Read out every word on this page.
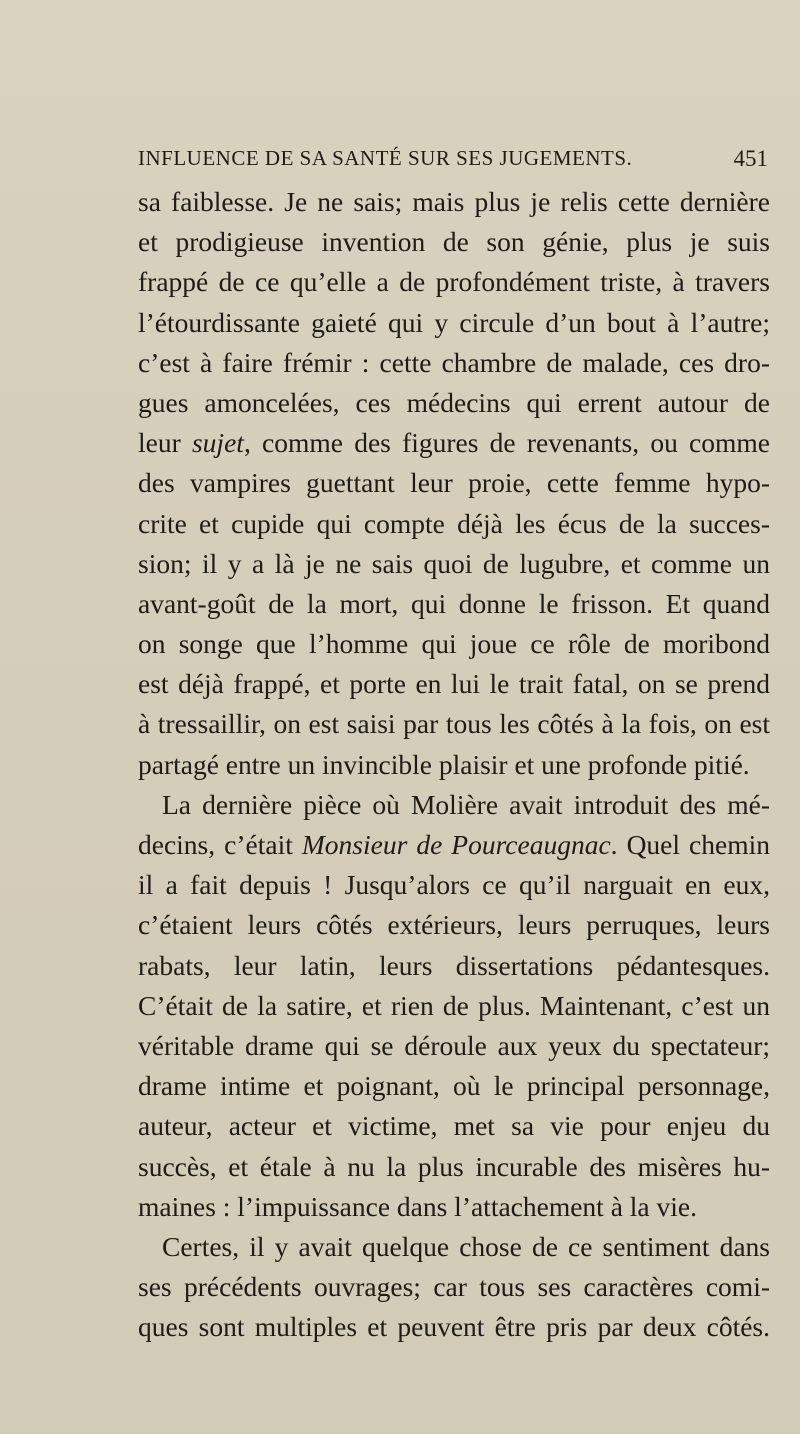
INFLUENCE DE SA SANTÉ SUR SES JUGEMENTS.	451
sa faiblesse. Je ne sais; mais plus je relis cette dernière
et prodigieuse invention de son génie, plus je suis
frappé de ce qu’elle a de profondément triste, à travers
l’étourdissante gaieté qui y circule d’un bout à l’autre;
c’est à faire frémir : cette chambre de malade, ces dro-
gues amoncelées, ces médecins qui errent autour de
leur sujet, comme des figures de revenants, ou comme
des vampires guettant leur proie, cette femme hypo-
crite et cupide qui compte déjà les écus de la succes-
sion; il y a là je ne sais quoi de lugubre, et comme un
avant-goût de la mort, qui donne le frisson. Et quand
on songe que l’homme qui joue ce rôle de moribond
est déjà frappé, et porte en lui le trait fatal, on se prend
à tressaillir, on est saisi par tous les côtés à la fois, on est
partagé entre un invincible plaisir et une profonde pitié.
La dernière pièce où Molière avait introduit des mé-
decins, c’était Monsieur de Pourceaugnac. Quel chemin
il a fait depuis ! Jusqu’alors ce qu’il narguait en eux,
c’étaient leurs côtés extérieurs, leurs perruques, leurs
rabats, leur latin, leurs dissertations pédantesques.
C’était de la satire, et rien de plus. Maintenant, c’est un
véritable drame qui se déroule aux yeux du spectateur;
drame intime et poignant, où le principal personnage,
auteur, acteur et victime, met sa vie pour enjeu du
succès, et étale à nu la plus incurable des misères hu-
maines : l’impuissance dans l’attachement à la vie.
Certes, il y avait quelque chose de ce sentiment dans
ses précédents ouvrages; car tous ses caractères comi-
ques sont multiples et peuvent être pris par deux côtés.
